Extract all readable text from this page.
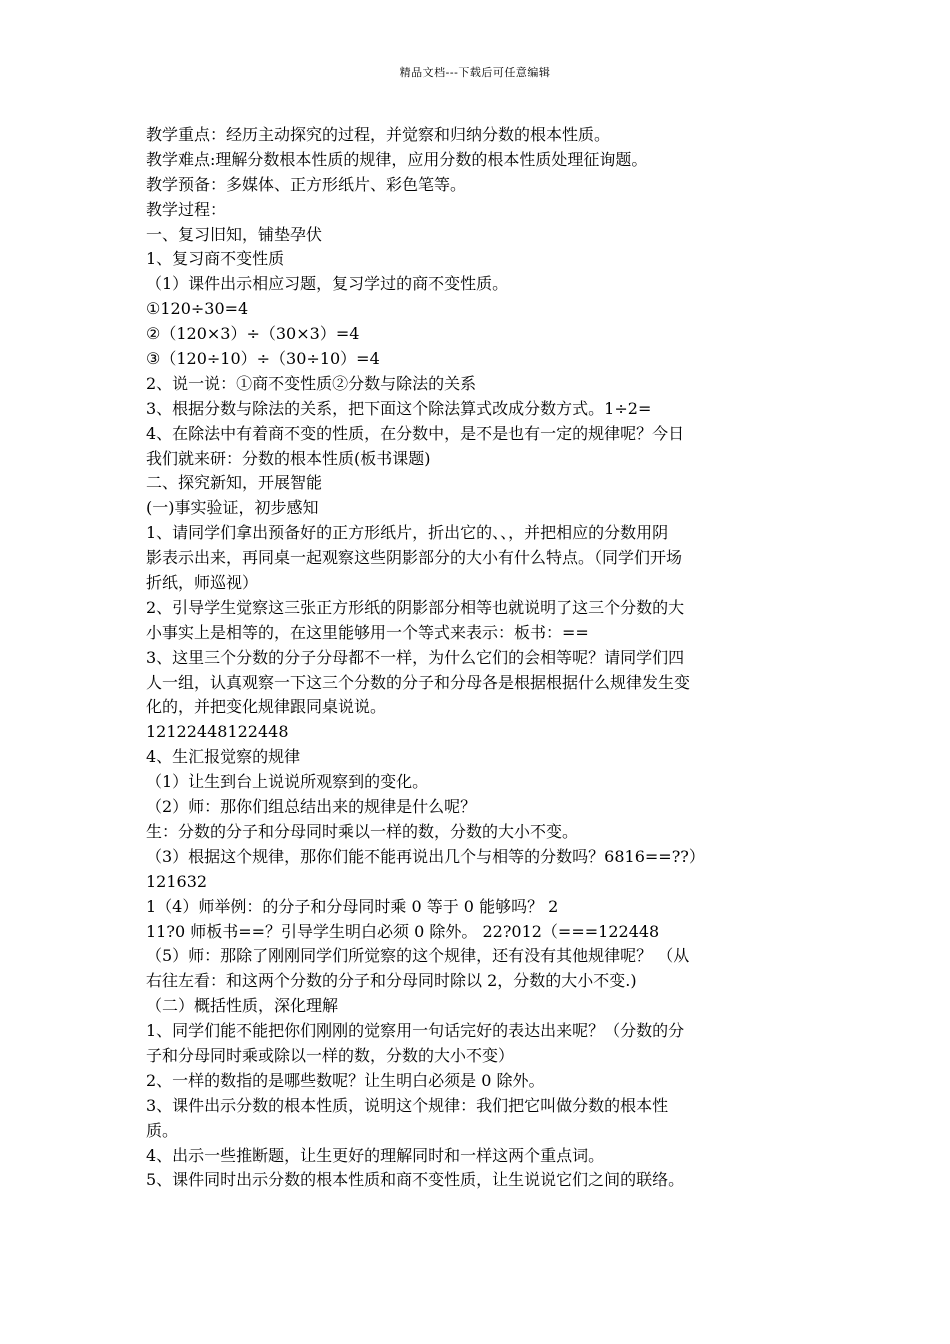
精品文档---下载后可任意编辑
教学重点：经历主动探究的过程，并觉察和归纳分数的根本性质。
教学难点:理解分数根本性质的规律，应用分数的根本性质处理征询题。
教学预备：多媒体、正方形纸片、彩色笔等。
教学过程：
一、复习旧知，铺垫孕伏
1、复习商不变性质
（1）课件出示相应习题，复习学过的商不变性质。
①120÷30=4
②（120×3）÷（30×3）=4
③（120÷10）÷（30÷10）=4
2、说一说：①商不变性质②分数与除法的关系
3、根据分数与除法的关系，把下面这个除法算式改成分数方式。1÷2=
4、在除法中有着商不变的性质，在分数中，是不是也有一定的规律呢？今日
我们就来研：分数的根本性质(板书课题)
二、探究新知，开展智能
(一)事实验证，初步感知
1、请同学们拿出预备好的正方形纸片，折出它的、、，并把相应的分数用阴
影表示出来，再同桌一起观察这些阴影部分的大小有什么特点。（同学们开场
折纸，师巡视）
2、引导学生觉察这三张正方形纸的阴影部分相等也就说明了这三个分数的大
小事实上是相等的，在这里能够用一个等式来表示：板书：==
3、这里三个分数的分子分母都不一样，为什么它们的会相等呢？请同学们四
人一组，认真观察一下这三个分数的分子和分母各是根据根据什么规律发生变
化的，并把变化规律跟同桌说说。
12122448122448
4、生汇报觉察的规律
（1）让生到台上说说所观察到的变化。
（2）师：那你们组总结出来的规律是什么呢？
生：分数的分子和分母同时乘以一样的数，分数的大小不变。
（3）根据这个规律，那你们能不能再说出几个与相等的分数吗？6816==??）
121632
1（4）师举例：的分子和分母同时乘 0 等于 0 能够吗？ 2
11?0 师板书==？引导学生明白必须 0 除外。 22?012（===122448
（5）师：那除了刚刚同学们所觉察的这个规律，还有没有其他规律呢？ （从
右往左看：和这两个分数的分子和分母同时除以 2，分数的大小不变.)
（二）概括性质，深化理解
1、同学们能不能把你们刚刚的觉察用一句话完好的表达出来呢？（分数的分
子和分母同时乘或除以一样的数，分数的大小不变）
2、一样的数指的是哪些数呢？让生明白必须是 0 除外。
3、课件出示分数的根本性质，说明这个规律：我们把它叫做分数的根本性
质。
4、出示一些推断题，让生更好的理解同时和一样这两个重点词。
5、课件同时出示分数的根本性质和商不变性质，让生说说它们之间的联络。
